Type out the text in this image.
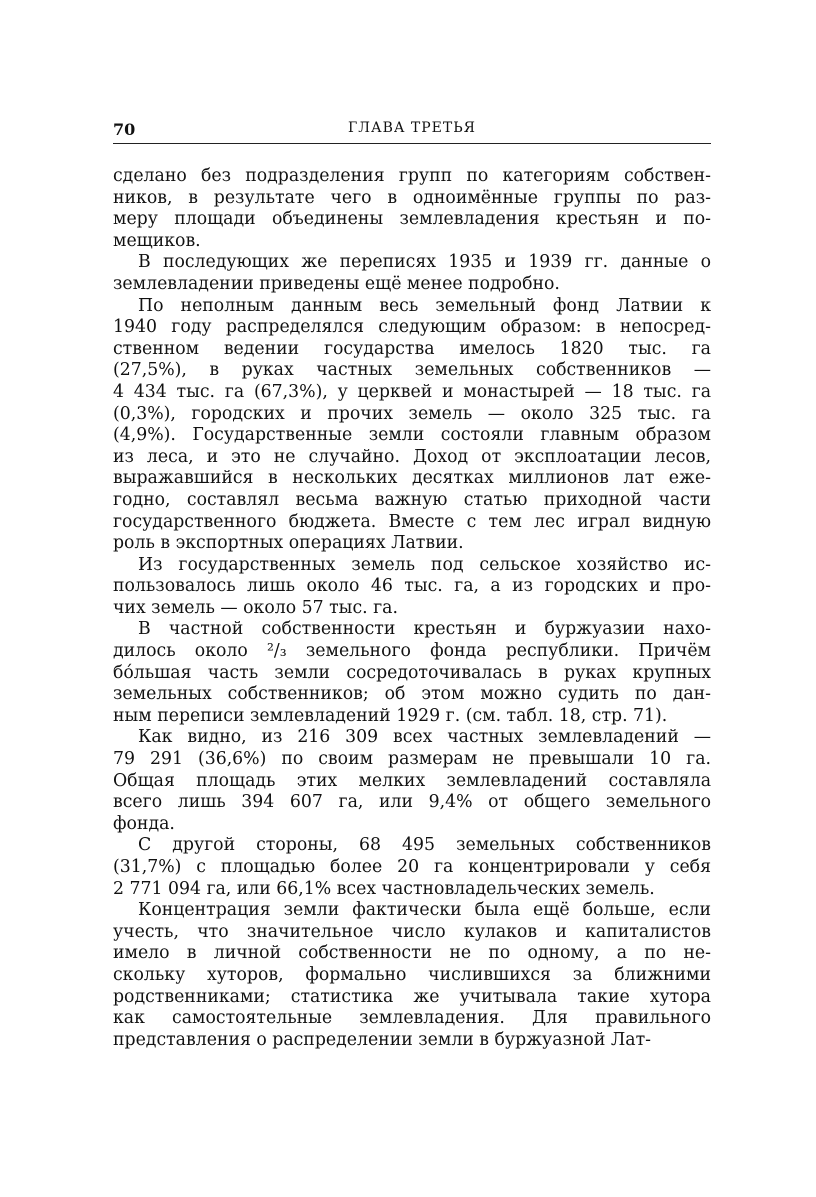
70	ГЛАВА ТРЕТЬЯ
сделано без подразделения групп по категориям собствен-
ников, в результате чего в одноимённые группы по раз-
меру площади объединены землевладения крестьян и по-
мещиков.
В последующих же переписях 1935 и 1939 гг. данные о
землевладении приведены ещё менее подробно.
По неполным данным весь земельный фонд Латвии к
1940 году распределялся следующим образом: в непосред-
ственном ведении государства имелось 1820 тыс. га
(27,5%), в руках частных земельных собственников —
4 434 тыс. га (67,3%), у церквей и монастырей — 18 тыс. га
(0,3%), городских и прочих земель — около 325 тыс. га
(4,9%). Государственные земли состояли главным образом
из леса, и это не случайно. Доход от эксплоатации лесов,
выражавшийся в нескольких десятках миллионов лат еже-
годно, составлял весьма важную статью приходной части
государственного бюджета. Вместе с тем лес играл видную
роль в экспортных операциях Латвии.
Из государственных земель под сельское хозяйство ис-
пользовалось лишь около 46 тыс. га, а из городских и про-
чих земель — около 57 тыс. га.
В частной собственности крестьян и буржуазии нахо-
дилось около ²/₃ земельного фонда республики. Причём
бо́льшая часть земли сосредоточивалась в руках крупных
земельных собственников; об этом можно судить по дан-
ным переписи землевладений 1929 г. (см. табл. 18, стр. 71).
Как видно, из 216 309 всех частных землевладений —
79 291 (36,6%) по своим размерам не превышали 10 га.
Общая площадь этих мелких землевладений составляла
всего лишь 394 607 га, или 9,4% от общего земельного
фонда.
С другой стороны, 68 495 земельных собственников
(31,7%) с площадью более 20 га концентрировали у себя
2 771 094 га, или 66,1% всех частновладельческих земель.
Концентрация земли фактически была ещё больше, если
учесть, что значительное число кулаков и капиталистов
имело в личной собственности не по одному, а по не-
скольку хуторов, формально числившихся за ближними
родственниками; статистика же учитывала такие хутора
как самостоятельные землевладения. Для правильного
представления о распределении земли в буржуазной Лат-
